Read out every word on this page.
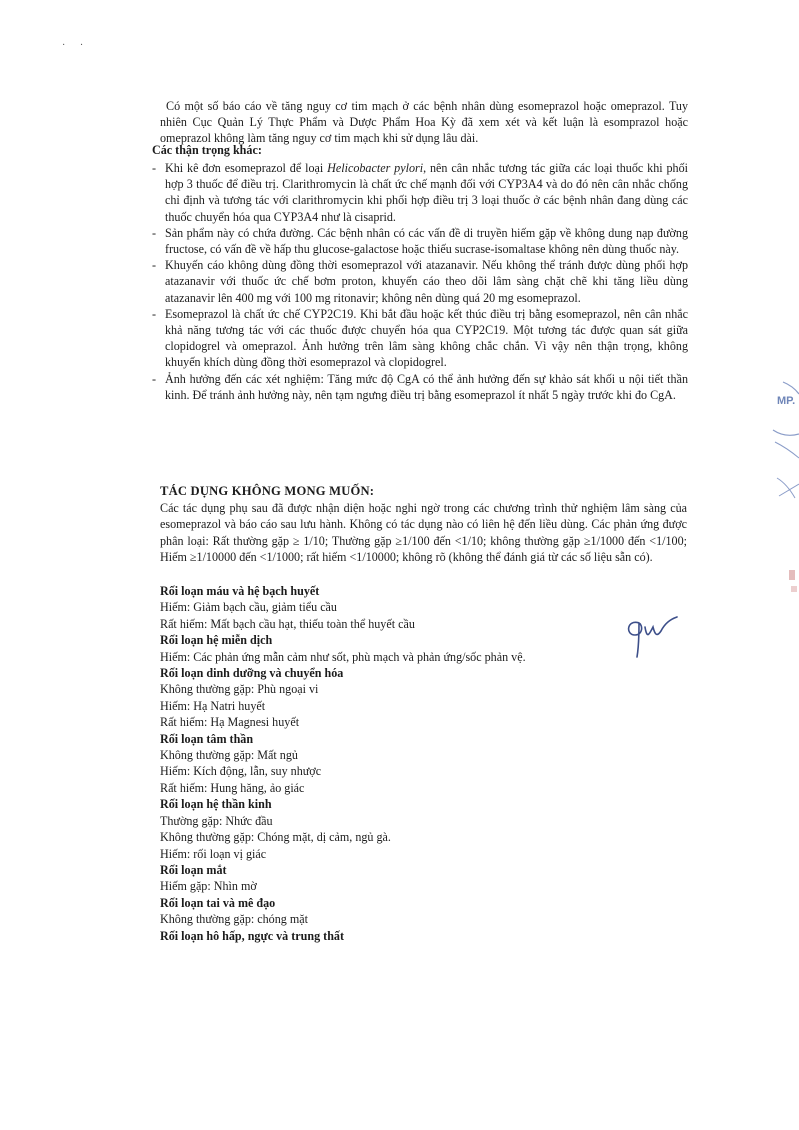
· ·

Có một số báo cáo về tăng nguy cơ tim mạch ở các bệnh nhân dùng esomeprazol hoặc omeprazol. Tuy nhiên Cục Quản Lý Thực Phẩm và Dược Phẩm Hoa Kỳ đã xem xét và kết luận là esomprazol hoặc omeprazol không làm tăng nguy cơ tim mạch khi sử dụng lâu dài.

Các thận trọng khác:
- Khi kê đơn esomeprazol để loại Helicobacter pylori, nên cân nhắc tương tác giữa các loại thuốc khi phối hợp 3 thuốc để điều trị. Clarithromycin là chất ức chế mạnh đối với CYP3A4 và do đó nên cân nhắc chống chỉ định và tương tác với clarithromycin khi phối hợp điều trị 3 loại thuốc ở các bệnh nhân đang dùng các thuốc chuyển hóa qua CYP3A4 như là cisaprid.
- Sản phẩm này có chứa đường. Các bệnh nhân có các vấn đề di truyền hiếm gặp về không dung nạp đường fructose, có vấn đề về hấp thu glucose-galactose hoặc thiếu sucrase-isomaltase không nên dùng thuốc này.
- Khuyến cáo không dùng đồng thời esomeprazol với atazanavir. Nếu không thể tránh được dùng phối hợp atazanavir với thuốc ức chế bơm proton, khuyến cáo theo dõi lâm sàng chặt chẽ khi tăng liều dùng atazanavir lên 400 mg với 100 mg ritonavir; không nên dùng quá 20 mg esomeprazol.
- Esomeprazol là chất ức chế CYP2C19. Khi bắt đầu hoặc kết thúc điều trị bằng esomeprazol, nên cân nhắc khả năng tương tác với các thuốc được chuyển hóa qua CYP2C19. Một tương tác được quan sát giữa clopidogrel và omeprazol. Ảnh hưởng trên lâm sàng không chắc chắn. Vì vậy nên thận trọng, không khuyến khích dùng đồng thời esomeprazol và clopidogrel.
- Ảnh hưởng đến các xét nghiệm: Tăng mức độ CgA có thể ảnh hưởng đến sự khảo sát khối u nội tiết thần kinh. Để tránh ảnh hưởng này, nên tạm ngưng điều trị bằng esomeprazol ít nhất 5 ngày trước khi đo CgA.
TÁC DỤNG KHÔNG MONG MUỐN:

Các tác dụng phụ sau đã được nhận diện hoặc nghi ngờ trong các chương trình thử nghiệm lâm sàng của esomeprazol và báo cáo sau lưu hành. Không có tác dụng nào có liên hệ đến liều dùng. Các phản ứng được phân loại: Rất thường gặp ≥ 1/10; Thường gặp ≥1/100 đến <1/10; không thường gặp ≥1/1000 đến <1/100; Hiếm ≥1/10000 đến <1/1000; rất hiếm <1/10000; không rõ (không thể đánh giá từ các số liệu sẵn có).

Rối loạn máu và hệ bạch huyết
Hiếm: Giảm bạch cầu, giảm tiểu cầu
Rất hiếm: Mất bạch cầu hạt, thiếu toàn thể huyết cầu
Rối loạn hệ miễn dịch
Hiếm: Các phản ứng mẫn cảm như sốt, phù mạch và phản ứng/sốc phản vệ.
Rối loạn dinh dưỡng và chuyển hóa
Không thường gặp: Phù ngoại vi
Hiếm: Hạ Natri huyết
Rất hiếm: Hạ Magnesi huyết
Rối loạn tâm thần
Không thường gặp: Mất ngủ
Hiếm: Kích động, lẫn, suy nhược
Rất hiếm: Hung hăng, ảo giác
Rối loạn hệ thần kinh
Thường gặp: Nhức đầu
Không thường gặp: Chóng mặt, dị cảm, ngủ gà.
Hiếm: rối loạn vị giác
Rối loạn mắt
Hiếm gặp: Nhìn mờ
Rối loạn tai và mê đạo
Không thường gặp: chóng mặt
Rối loạn hô hấp, ngực và trung thất
MP.
